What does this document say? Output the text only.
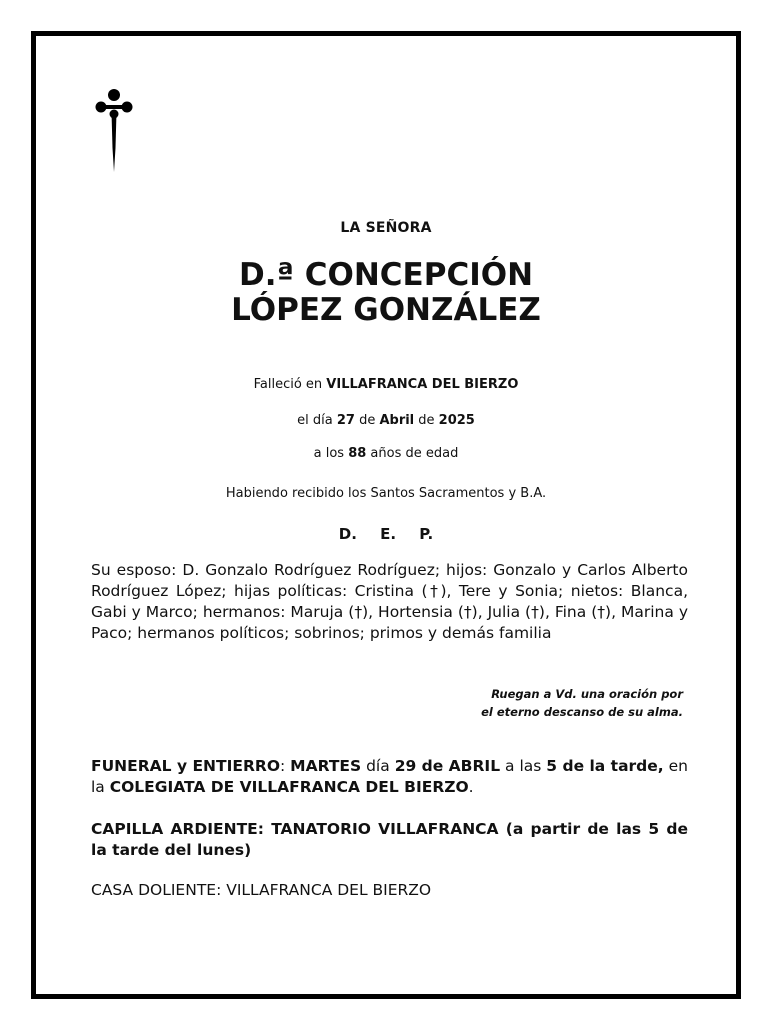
LA SEÑORA
D.ª CONCEPCIÓN
LÓPEZ GONZÁLEZ
Falleció en VILLAFRANCA DEL BIERZO
el día 27 de Abril de 2025
a los 88 años de edad
Habiendo recibido los Santos Sacramentos y B.A.
D. E. P.
Su esposo: D. Gonzalo Rodríguez Rodríguez; hijos: Gonzalo y Carlos Alberto Rodríguez López; hijas políticas: Cristina (†), Tere y Sonia; nietos: Blanca, Gabi y Marco; hermanos: Maruja (†), Hortensia (†), Julia (†), Fina (†), Marina y Paco; hermanos políticos; sobrinos; primos y demás familia
Ruegan a Vd. una oración por
el eterno descanso de su alma.
FUNERAL y ENTIERRO: MARTES día 29 de ABRIL a las 5 de la tarde, en la COLEGIATA DE VILLAFRANCA DEL BIERZO.
CAPILLA ARDIENTE: TANATORIO VILLAFRANCA (a partir de las 5 de la tarde del lunes)
CASA DOLIENTE: VILLAFRANCA DEL BIERZO
